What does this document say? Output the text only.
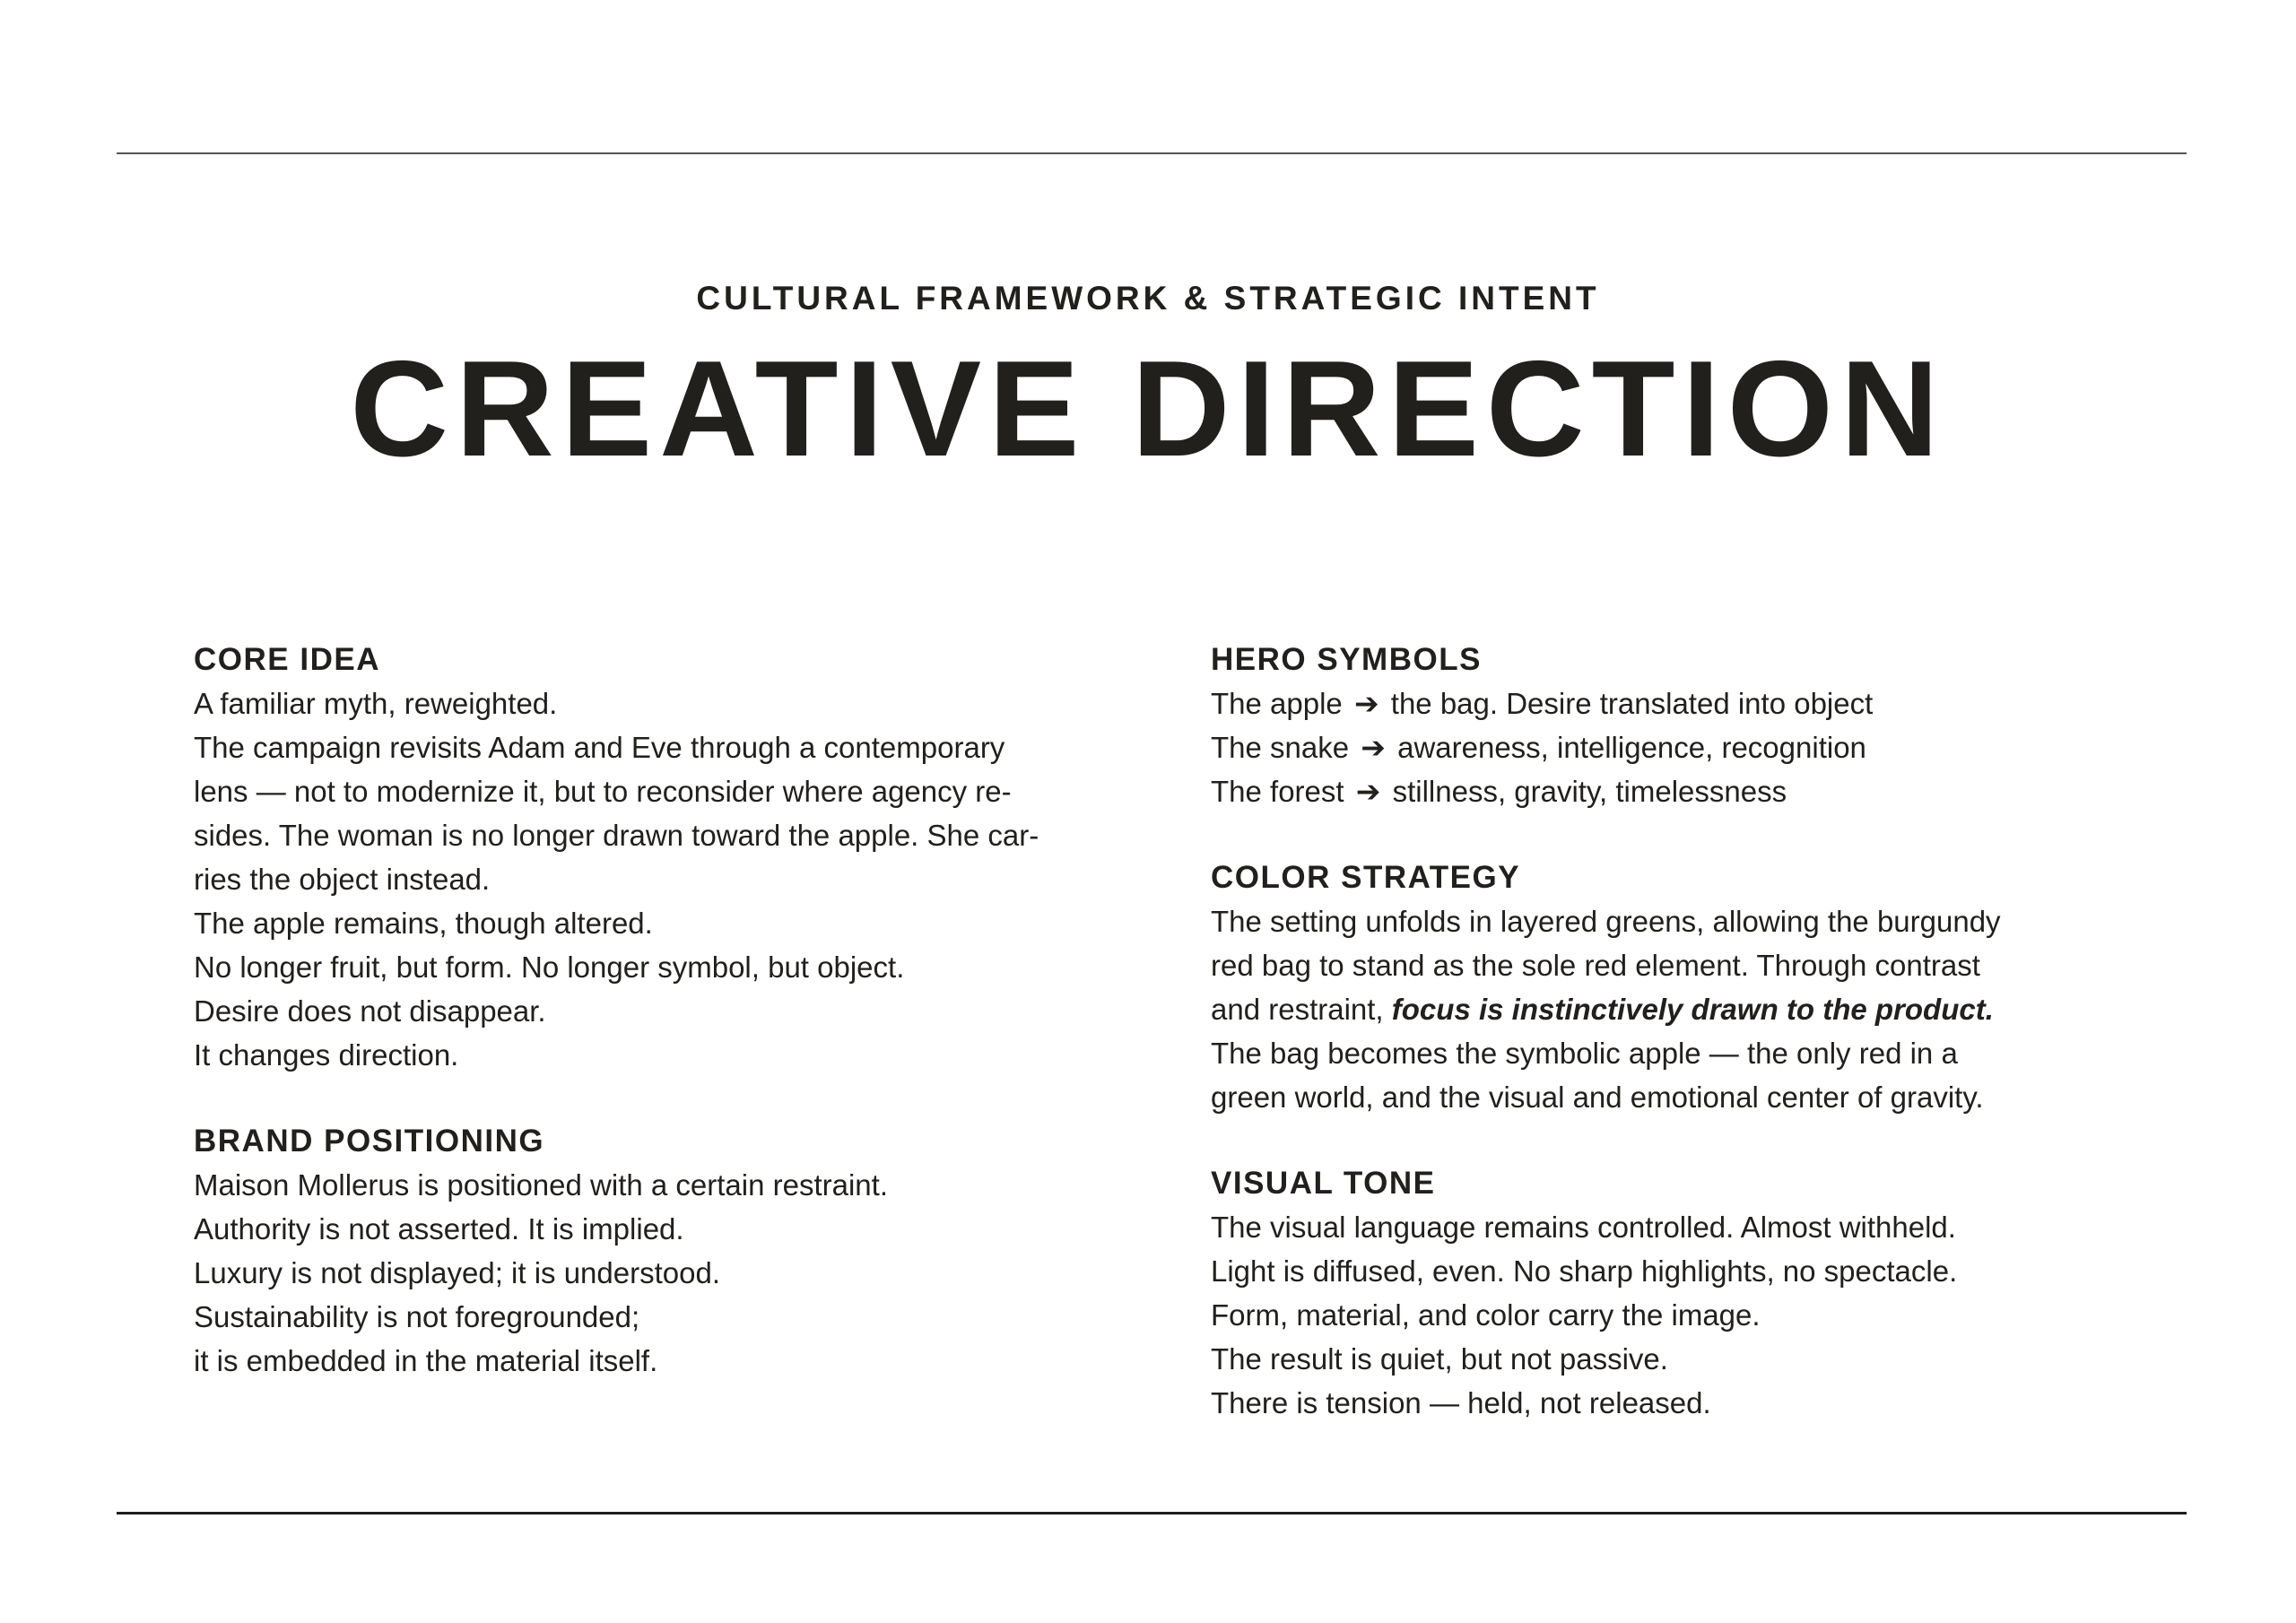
CULTURAL FRAMEWORK & STRATEGIC INTENT
CREATIVE DIRECTION
CORE IDEA
A familiar myth, reweighted.
The campaign revisits Adam and Eve through a contemporary
lens — not to modernize it, but to reconsider where agency re-
sides. The woman is no longer drawn toward the apple. She car-
ries the object instead.
The apple remains, though altered.
No longer fruit, but form. No longer symbol, but object.
Desire does not disappear.
It changes direction.
BRAND POSITIONING
Maison Mollerus is positioned with a certain restraint.
Authority is not asserted. It is implied.
Luxury is not displayed; it is understood.
Sustainability is not foregrounded;
it is embedded in the material itself.
HERO SYMBOLS
The apple ➔ the bag. Desire translated into object
The snake ➔ awareness, intelligence, recognition
The forest ➔ stillness, gravity, timelessness
COLOR STRATEGY
The setting unfolds in layered greens, allowing the burgundy
red bag to stand as the sole red element. Through contrast
and restraint, focus is instinctively drawn to the product.
The bag becomes the symbolic apple — the only red in a
green world, and the visual and emotional center of gravity.
VISUAL TONE
The visual language remains controlled. Almost withheld.
Light is diffused, even. No sharp highlights, no spectacle.
Form, material, and color carry the image.
The result is quiet, but not passive.
There is tension — held, not released.
